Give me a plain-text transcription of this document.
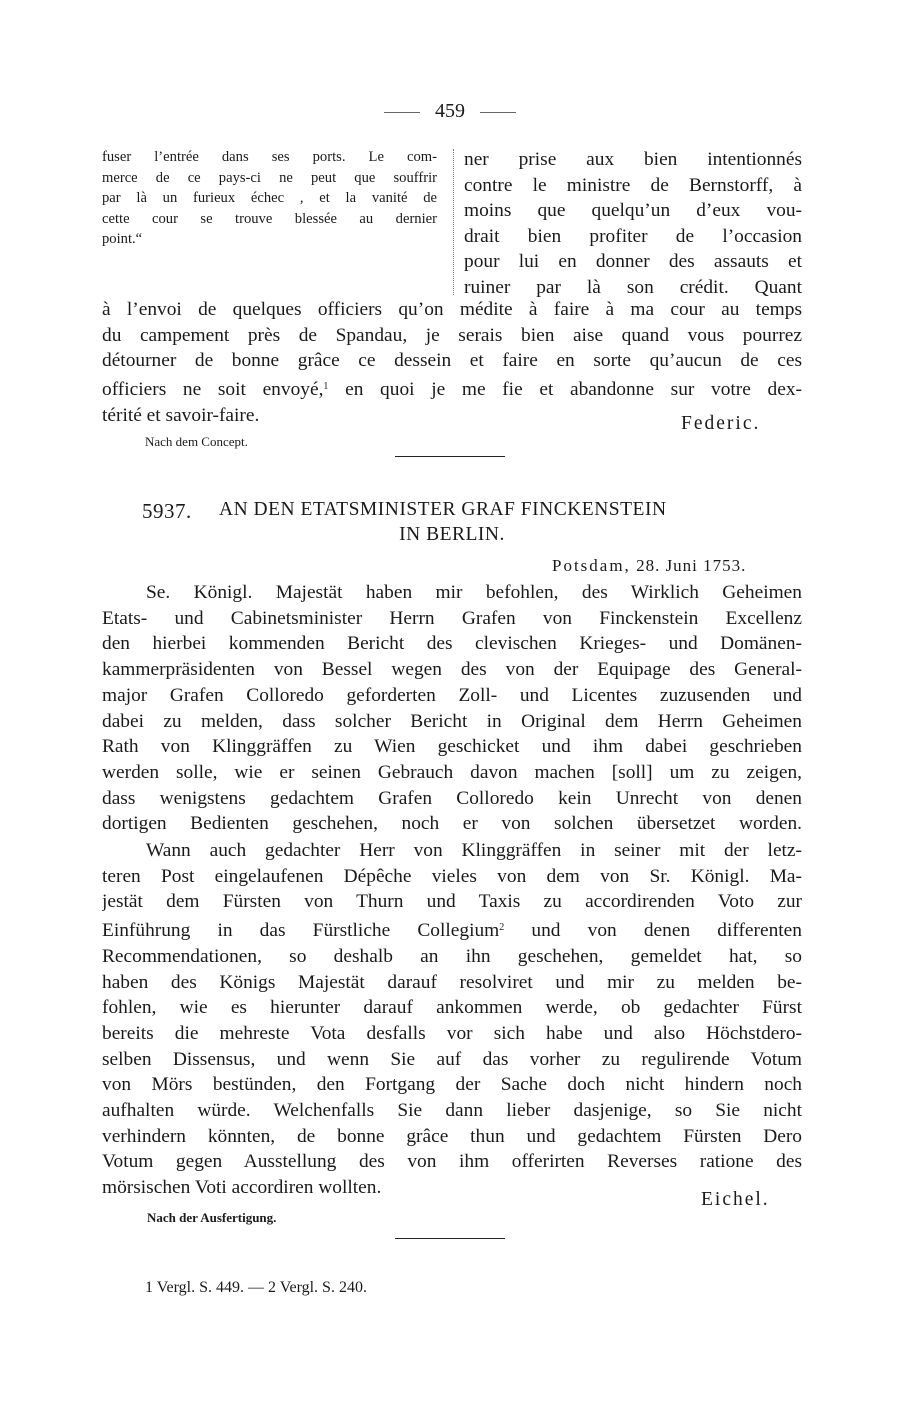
459
fuser l’entrée dans ses ports. Le com-
merce de ce pays-ci ne peut que souffrir
par là un furieux échec , et la vanité de
cette cour se trouve blessée au dernier
point.“
ner prise aux bien intentionnés
contre le ministre de Bernstorff, à
moins que quelqu’un d’eux vou-
drait bien profiter de l’occasion
pour lui en donner des assauts et
ruiner par là son crédit. Quant
à l’envoi de quelques officiers qu’on médite à faire à ma cour au temps
du campement près de Spandau, je serais bien aise quand vous pourrez
détourner de bonne grâce ce dessein et faire en sorte qu’aucun de ces
officiers ne soit envoyé,$^1$ en quoi je me fie et abandonne sur votre dex-
térité et savoir-faire.	Federic.
Nach dem Concept.
5937. AN DEN ETATSMINISTER GRAF FINCKENSTEIN
IN BERLIN.
Potsdam, 28. Juni 1753.
Se. Königl. Majestät haben mir befohlen, des Wirklich Geheimen
Etats- und Cabinetsminister Herrn Grafen von Finckenstein Excellenz
den hierbei kommenden Bericht des clevischen Krieges- und Domänen-
kammerpräsidenten von Bessel wegen des von der Equipage des General-
major Grafen Colloredo geforderten Zoll- und Licentes zuzusenden und
dabei zu melden, dass solcher Bericht in Original dem Herrn Geheimen
Rath von Klinggräffen zu Wien geschicket und ihm dabei geschrieben
werden solle, wie er seinen Gebrauch davon machen [soll] um zu zeigen,
dass wenigstens gedachtem Grafen Colloredo kein Unrecht von denen
dortigen Bedienten geschehen, noch er von solchen übersetzet worden.
Wann auch gedachter Herr von Klinggräffen in seiner mit der letz-
teren Post eingelaufenen Dépêche vieles von dem von Sr. Königl. Ma-
jestät dem Fürsten von Thurn und Taxis zu accordirenden Voto zur
Einführung in das Fürstliche Collegium$^2$ und von denen differenten
Recommendationen, so deshalb an ihn geschehen, gemeldet hat, so
haben des Königs Majestät darauf resolviret und mir zu melden be-
fohlen, wie es hierunter darauf ankommen werde, ob gedachter Fürst
bereits die mehreste Vota desfalls vor sich habe und also Höchstdero-
selben Dissensus, und wenn Sie auf das vorher zu regulirende Votum
von Mörs bestünden, den Fortgang der Sache doch nicht hindern noch
aufhalten würde. Welchenfalls Sie dann lieber dasjenige, so Sie nicht
verhindern könnten, de bonne grâce thun und gedachtem Fürsten Dero
Votum gegen Ausstellung des von ihm offerirten Reverses ratione des
mörsischen Voti accordiren wollten.
Eichel.
Nach der Ausfertigung.
1 Vergl. S. 449. — 2 Vergl. S. 240.
